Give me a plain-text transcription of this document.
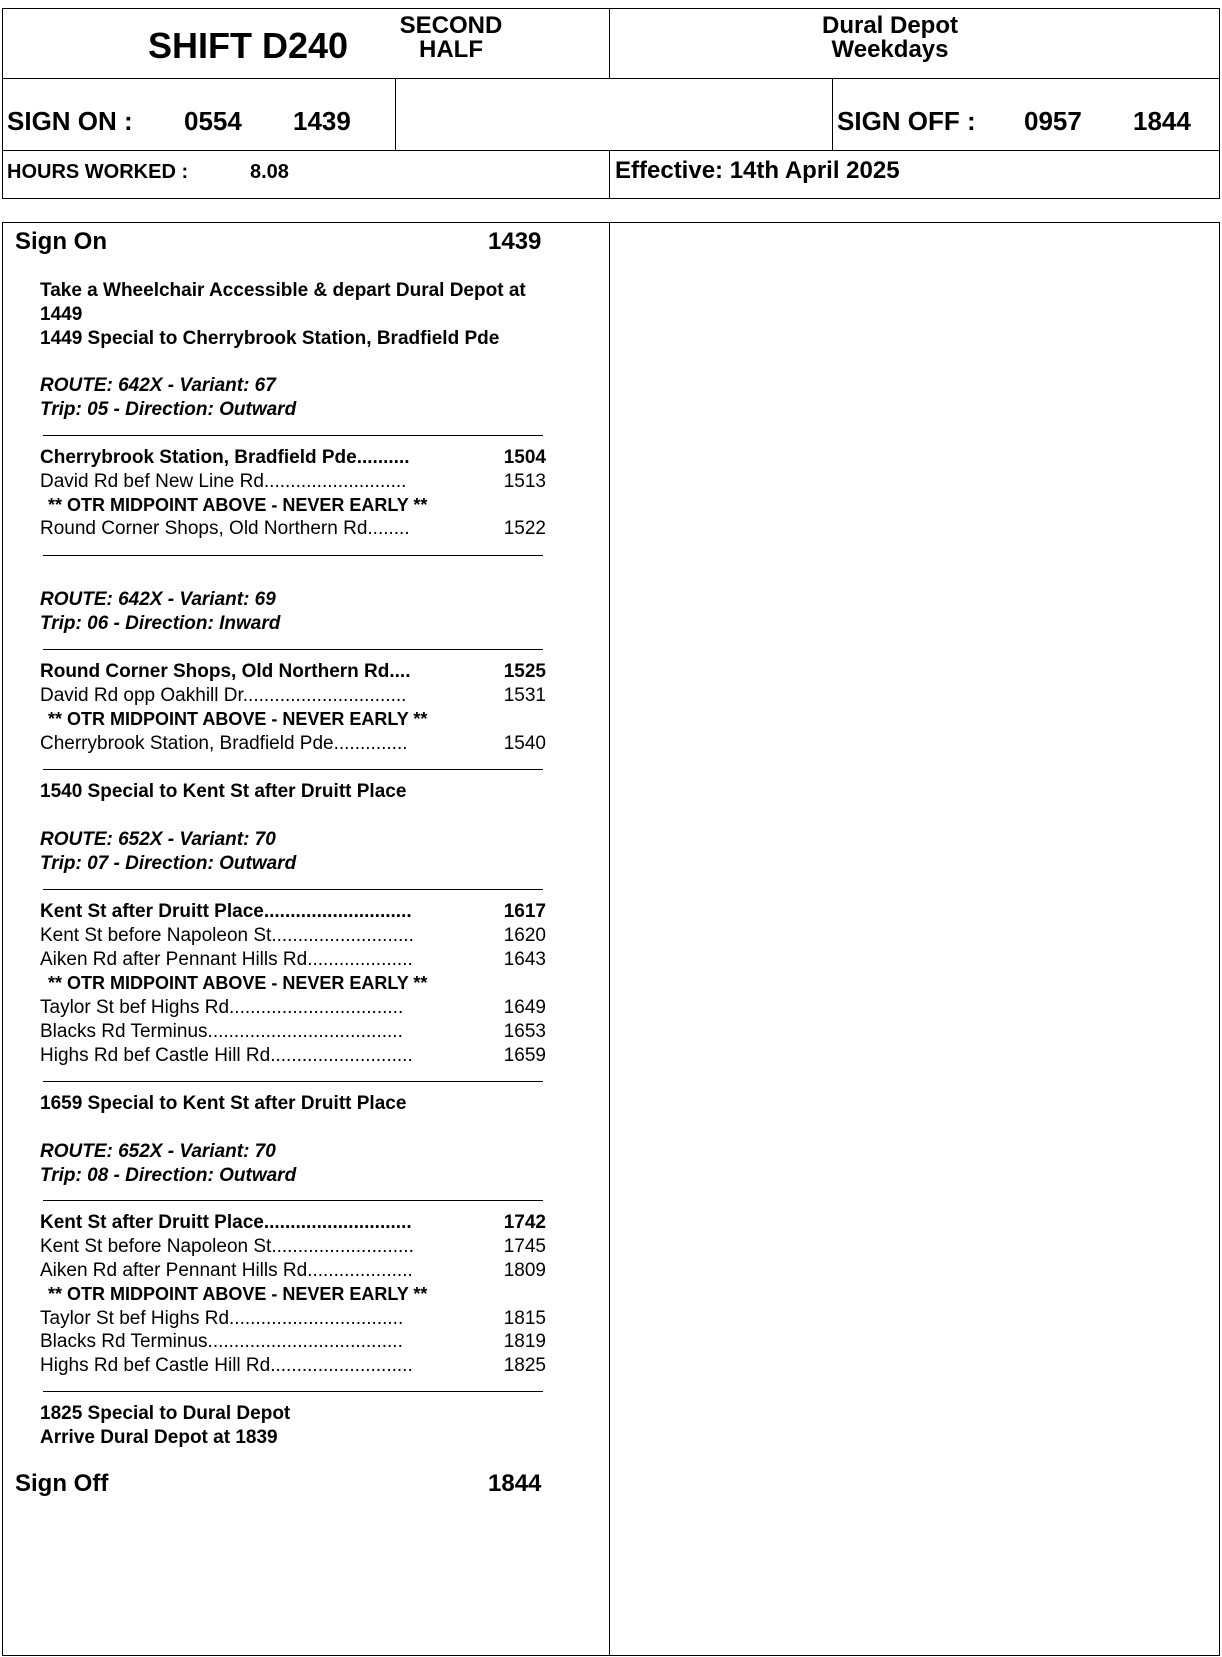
SHIFT D240	SECOND
HALF
Dural Depot
Weekdays
SIGN ON : 0554 1439	SIGN OFF : 0957 1844
HOURS WORKED :	8.08	Effective: 14th April 2025
Sign On	1439
Take a Wheelchair Accessible & depart Dural Depot at
1449
1449 Special to Cherrybrook Station, Bradfield Pde
ROUTE: 642X - Variant: 67
Trip: 05 - Direction: Outward
Cherrybrook Station, Bradfield Pde..........	1504
David Rd bef New Line Rd...........................	1513
** OTR MIDPOINT ABOVE - NEVER EARLY **
Round Corner Shops, Old Northern Rd........	1522
ROUTE: 642X - Variant: 69
Trip: 06 - Direction: Inward
Round Corner Shops, Old Northern Rd....	1525
David Rd opp Oakhill Dr...............................	1531
** OTR MIDPOINT ABOVE - NEVER EARLY **
Cherrybrook Station, Bradfield Pde..............	1540
1540 Special to Kent St after Druitt Place
ROUTE: 652X - Variant: 70
Trip: 07 - Direction: Outward
Kent St after Druitt Place............................	1617
Kent St before Napoleon St...........................	1620
Aiken Rd after Pennant Hills Rd....................	1643
** OTR MIDPOINT ABOVE - NEVER EARLY **
Taylor St bef Highs Rd.................................	1649
Blacks Rd Terminus.....................................	1653
Highs Rd bef Castle Hill Rd...........................	1659
1659 Special to Kent St after Druitt Place
ROUTE: 652X - Variant: 70
Trip: 08 - Direction: Outward
Kent St after Druitt Place............................	1742
Kent St before Napoleon St...........................	1745
Aiken Rd after Pennant Hills Rd....................	1809
** OTR MIDPOINT ABOVE - NEVER EARLY **
Taylor St bef Highs Rd.................................	1815
Blacks Rd Terminus.....................................	1819
Highs Rd bef Castle Hill Rd...........................	1825
1825 Special to Dural Depot
Arrive Dural Depot at 1839
Sign Off	1844
